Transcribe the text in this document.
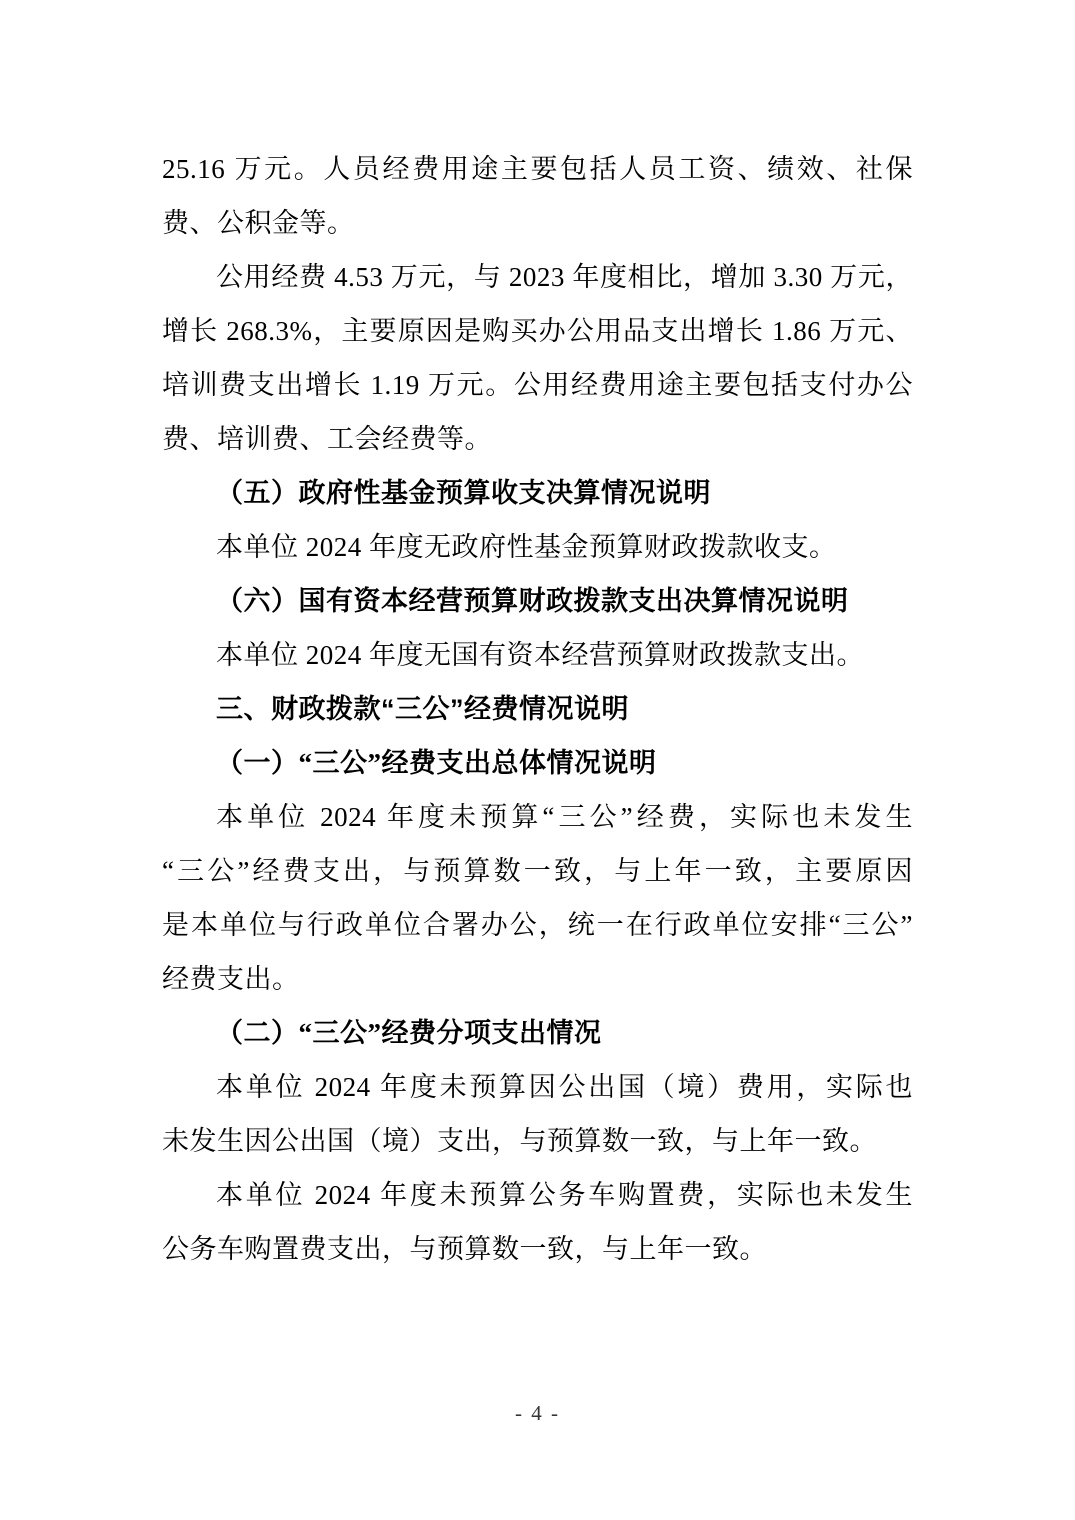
25.16 万元。人员经费用途主要包括人员工资、绩效、社保
费、公积金等。
公用经费 4.53 万元，与 2023 年度相比，增加 3.30 万元，
增长 268.3%，主要原因是购买办公用品支出增长 1.86 万元、
培训费支出增长 1.19 万元。公用经费用途主要包括支付办公
费、培训费、工会经费等。
（五）政府性基金预算收支决算情况说明
本单位 2024 年度无政府性基金预算财政拨款收支。
（六）国有资本经营预算财政拨款支出决算情况说明
本单位 2024 年度无国有资本经营预算财政拨款支出。
三、财政拨款“三公”经费情况说明
（一）“三公”经费支出总体情况说明
本单位 2024 年度未预算“三公”经费，实际也未发生
“三公”经费支出，与预算数一致，与上年一致，主要原因
是本单位与行政单位合署办公，统一在行政单位安排“三公”
经费支出。
（二）“三公”经费分项支出情况
本单位 2024 年度未预算因公出国（境）费用，实际也
未发生因公出国（境）支出，与预算数一致，与上年一致。
本单位 2024 年度未预算公务车购置费，实际也未发生
公务车购置费支出，与预算数一致，与上年一致。
- 4 -
